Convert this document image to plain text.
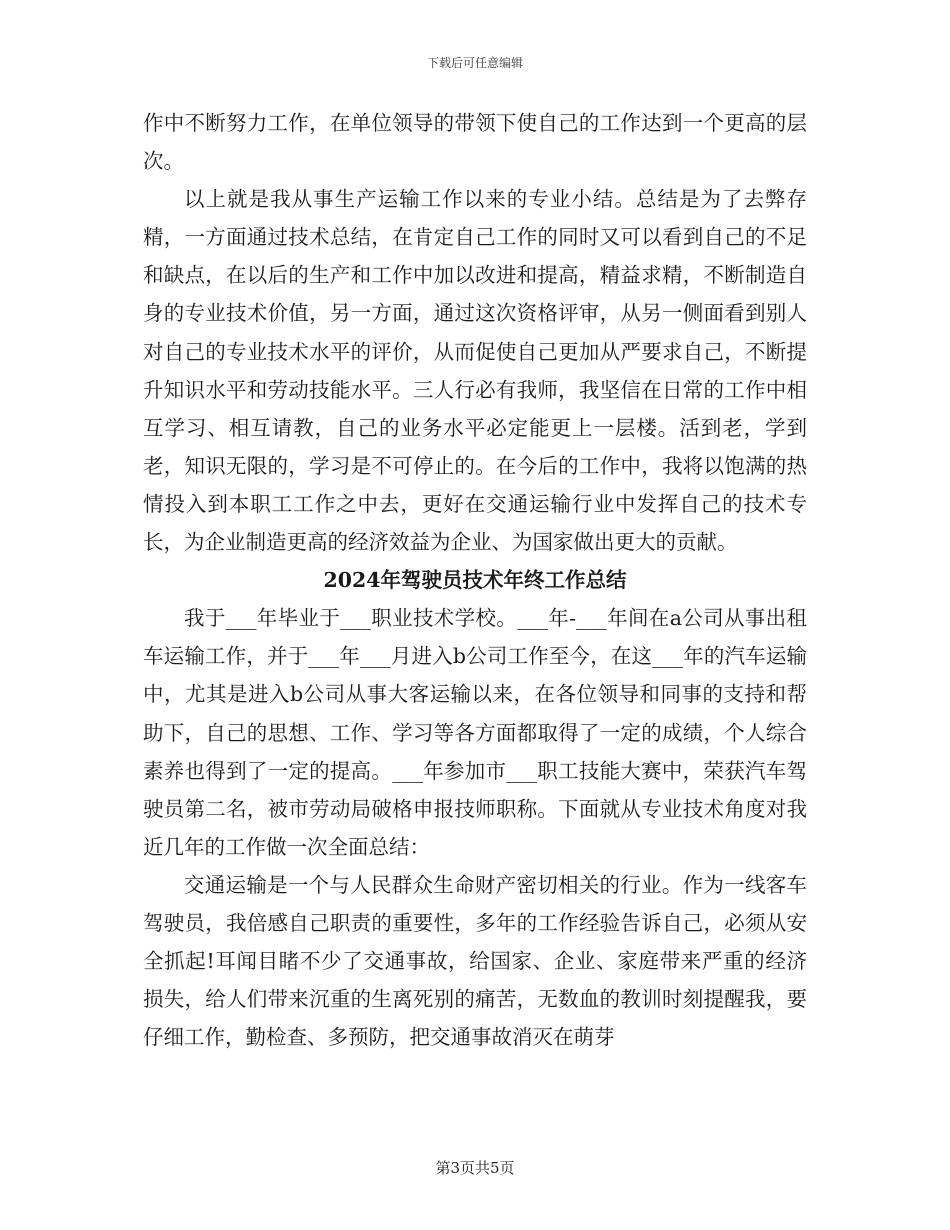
下载后可任意编辑

作中不断努力工作，在单位领导的带领下使自己的工作达到一个更高的层次。

以上就是我从事生产运输工作以来的专业小结。总结是为了去弊存精，一方面通过技术总结，在肯定自己工作的同时又可以看到自己的不足和缺点，在以后的生产和工作中加以改进和提高，精益求精，不断制造自身的专业技术价值，另一方面，通过这次资格评审，从另一侧面看到别人对自己的专业技术水平的评价，从而促使自己更加从严要求自己，不断提升知识水平和劳动技能水平。三人行必有我师，我坚信在日常的工作中相互学习、相互请教，自己的业务水平必定能更上一层楼。活到老，学到老，知识无限的，学习是不可停止的。在今后的工作中，我将以饱满的热情投入到本职工工作之中去，更好在交通运输行业中发挥自己的技术专长，为企业制造更高的经济效益为企业、为国家做出更大的贡献。

2024年驾驶员技术年终工作总结

我于___年毕业于___职业技术学校。___年-___年间在a公司从事出租车运输工作，并于___年___月进入b公司工作至今，在这___年的汽车运输中，尤其是进入b公司从事大客运输以来，在各位领导和同事的支持和帮助下，自己的思想、工作、学习等各方面都取得了一定的成绩，个人综合素养也得到了一定的提高。___年参加市___职工技能大赛中，荣获汽车驾驶员第二名，被市劳动局破格申报技师职称。下面就从专业技术角度对我近几年的工作做一次全面总结：

交通运输是一个与人民群众生命财产密切相关的行业。作为一线客车驾驶员，我倍感自己职责的重要性，多年的工作经验告诉自己，必须从安全抓起!耳闻目睹不少了交通事故，给国家、企业、家庭带来严重的经济损失，给人们带来沉重的生离死别的痛苦，无数血的教训时刻提醒我，要仔细工作，勤检查、多预防，把交通事故消灭在萌芽

第3页共5页
